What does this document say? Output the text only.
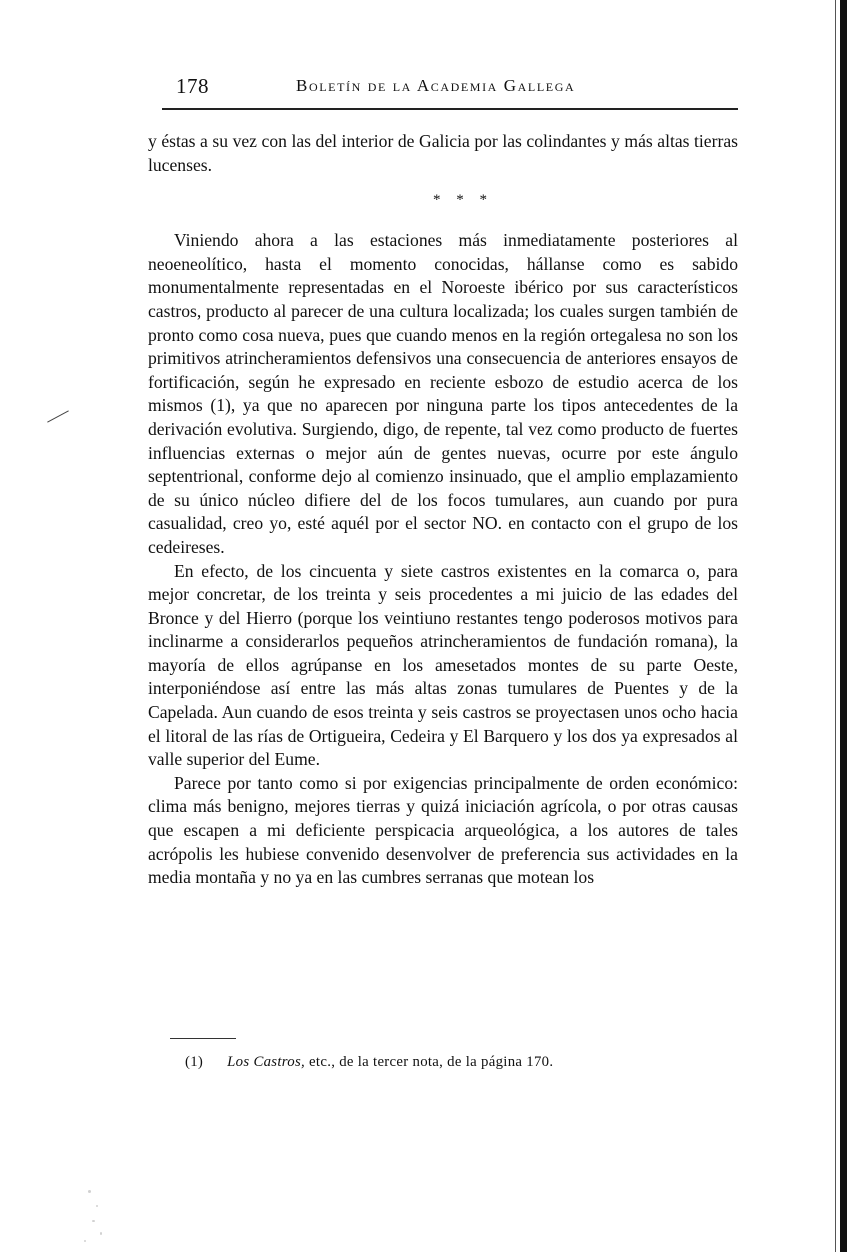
178	Boletín de la Academia Gallega

y éstas a su vez con las del interior de Galicia por las colindantes y más altas tierras lucenses.

* * *

Viniendo ahora a las estaciones más inmediatamente posteriores al neoeneolítico, hasta el momento conocidas, hállanse como es sabido monumentalmente representadas en el Noroeste ibérico por sus característicos castros, producto al parecer de una cultura localizada; los cuales surgen también de pronto como cosa nueva, pues que cuando menos en la región ortegalesa no son los primitivos atrincheramientos defensivos una consecuencia de anteriores ensayos de fortificación, según he expresado en reciente esbozo de estudio acerca de los mismos (1), ya que no aparecen por ninguna parte los tipos antecedentes de la derivación evolutiva. Surgiendo, digo, de repente, tal vez como producto de fuertes influencias externas o mejor aún de gentes nuevas, ocurre por este ángulo septentrional, conforme dejo al comienzo insinuado, que el amplio emplazamiento de su único núcleo difiere del de los focos tumulares, aun cuando por pura casualidad, creo yo, esté aquél por el sector NO. en contacto con el grupo de los cedeireses.

En efecto, de los cincuenta y siete castros existentes en la comarca o, para mejor concretar, de los treinta y seis procedentes a mi juicio de las edades del Bronce y del Hierro (porque los veintiuno restantes tengo poderosos motivos para inclinarme a considerarlos pequeños atrincheramientos de fundación romana), la mayoría de ellos agrúpanse en los amesetados montes de su parte Oeste, interponiéndose así entre las más altas zonas tumulares de Puentes y de la Capelada. Aun cuando de esos treinta y seis castros se proyectasen unos ocho hacia el litoral de las rías de Ortigueira, Cedeira y El Barquero y los dos ya expresados al valle superior del Eume.

Parece por tanto como si por exigencias principalmente de orden económico: clima más benigno, mejores tierras y quizá iniciación agrícola, o por otras causas que escapen a mi deficiente perspicacia arqueológica, a los autores de tales acrópolis les hubiese convenido desenvolver de preferencia sus actividades en la media montaña y no ya en las cumbres serranas que motean los

(1) Los Castros, etc., de la tercer nota, de la página 170.
